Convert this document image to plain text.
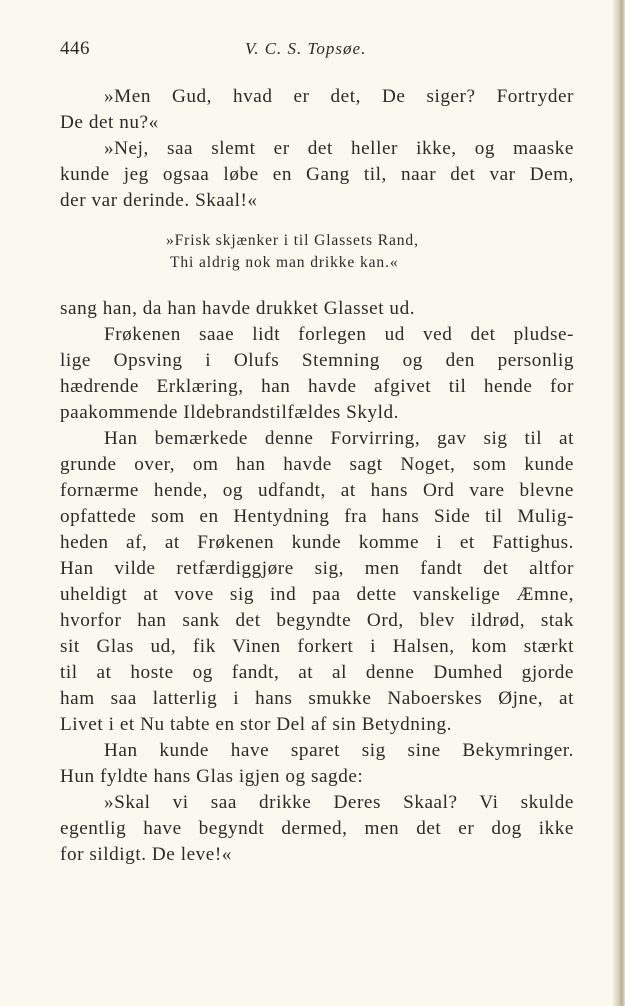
446	V. C. S. Topsøe.

»Men Gud, hvad er det, De siger? Fortryder

De det nu?«

»Nej, saa slemt er det heller ikke, og maaske

kunde jeg ogsaa løbe en Gang til, naar det var Dem,

der var derinde. Skaal!«

»Frisk skjænker i til Glassets Rand,
Thi aldrig nok man drikke kan.«

sang han, da han havde drukket Glasset ud.

Frøkenen saae lidt forlegen ud ved det pludse-

lige Opsving i Olufs Stemning og den personlig

hædrende Erklæring, han havde afgivet til hende for

paakommende Ildebrandstilfældes Skyld.

Han bemærkede denne Forvirring, gav sig til at

grunde over, om han havde sagt Noget, som kunde

fornærme hende, og udfandt, at hans Ord vare blevne

opfattede som en Hentydning fra hans Side til Mulig-

heden af, at Frøkenen kunde komme i et Fattighus.

Han vilde retfærdiggjøre sig, men fandt det altfor

uheldigt at vove sig ind paa dette vanskelige Æmne,

hvorfor han sank det begyndte Ord, blev ildrød, stak

sit Glas ud, fik Vinen forkert i Halsen, kom stærkt

til at hoste og fandt, at al denne Dumhed gjorde

ham saa latterlig i hans smukke Naboerskes Øjne, at

Livet i et Nu tabte en stor Del af sin Betydning.

Han kunde have sparet sig sine Bekymringer.

Hun fyldte hans Glas igjen og sagde:

»Skal vi saa drikke Deres Skaal? Vi skulde

egentlig have begyndt dermed, men det er dog ikke

for sildigt. De leve!«
